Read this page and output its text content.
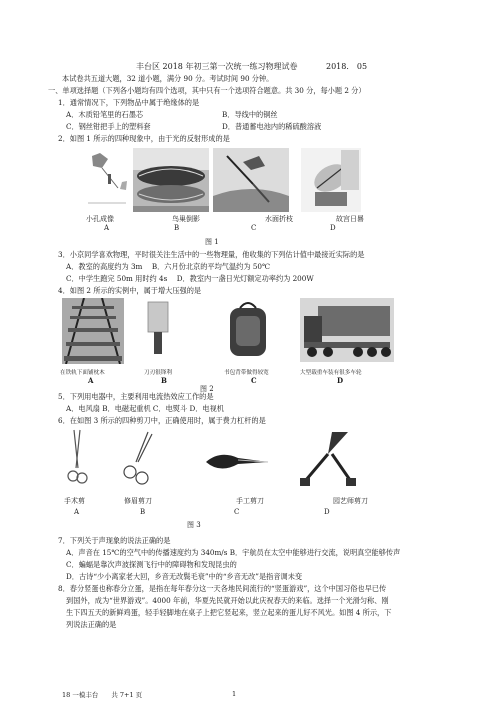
丰台区 2018 年初三第一次统一练习物理试卷	2018． 05
本试卷共五道大题，32 道小题，满分 90 分。考试时间 90 分钟。
一、单项选择题（下列各小题均有四个选项，其中只有一个选项符合题意。共 30 分，每小题 2 分）
1．通常情况下，下列物品中属于绝缘体的是
A．木质铅笔里的石墨芯	B．导线中的铜丝
C．钢丝钳把手上的塑料套	D．普通蓄电池内的稀硫酸溶液
2．如图 1 所示的四种现象中，由于光的反射形成的是
小孔成像	鸟巢倒影	水面折枝	故宫日晷
A	B	C	D
图 1
3．小京同学喜欢物理，平时很关注生活中的一些物理量，他收集的下列估计值中最接近实际的是
A．教室的高度约为 3m　 B．六月份北京的平均气温约为 50℃
C．中学生跑完 50m 用时约 4s　 D．教室内一盏日光灯额定功率约为 200W
4．如图 2 所示的实例中，属于增大压强的是
在铁轨下面铺枕木	刀刃很锋利	书包背带做得较宽	大型载重车装有很多车轮
A	B	C	D
图 2
5．下列用电器中，主要利用电流热效应工作的是
A．电风扇 B．电磁起重机 C．电熨斗 D．电视机
6．在如图 3 所示的四种剪刀中，正确使用时，属于费力杠杆的是
手术剪	修眉剪刀	手工剪刀	园艺师剪刀
A	B	C	D
图 3
7．下列关于声现象的说法正确的是
A．声音在 15℃的空气中的传播速度约为 340m/s B．宇航员在太空中能够进行交流，说明真空能够传声
C．蝙蝠是靠次声波探测飞行中的障碍物和发现昆虫的
D．古诗“少小离家老大回，乡音无改鬓毛衰”中的“乡音无改”是指音调未变
8．春分竖蛋也称春分立蛋，是指在每年春分这一天各地民间流行的“竖蛋游戏”，这个中国习俗也早已传
到国外，成为“世界游戏”。4000 年前，华夏先民就开始以此庆祝春天的来临。选择一个光滑匀称、刚
生下四五天的新鲜鸡蛋，轻手轻脚地在桌子上把它竖起来，竖立起来的蛋儿好不风光。如图 4 所示，下
列说法正确的是
18 一模丰台　　共 7+1 页	1
